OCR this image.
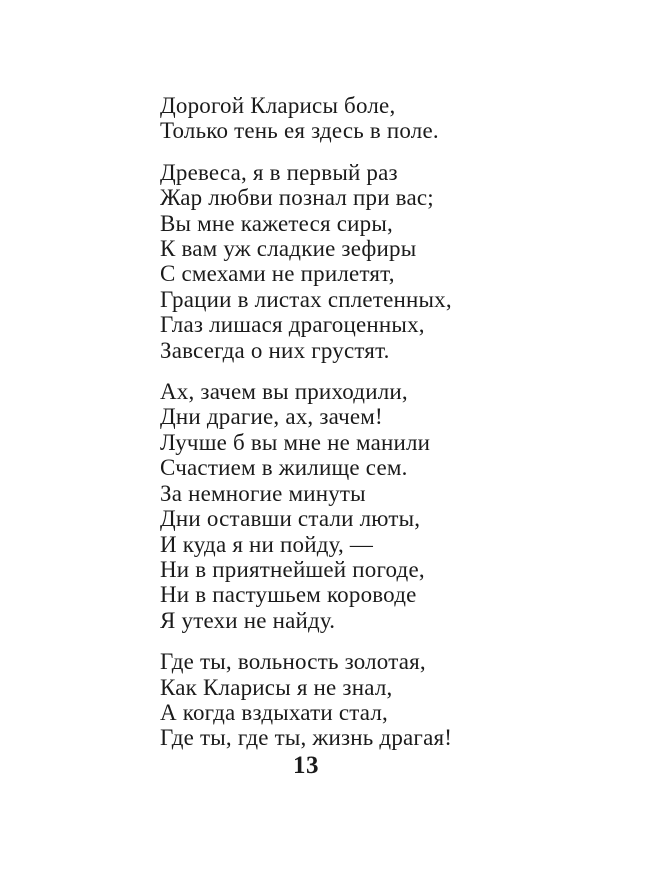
Дорогой Кларисы боле,
Только тень ея здесь в поле.
Древеса, я в первый раз
Жар любви познал при вас;
Вы мне кажетеся сиры,
К вам уж сладкие зефиры
С смехами не прилетят,
Грации в листах сплетенных,
Глаз лишася драгоценных,
Завсегда о них грустят.
Ах, зачем вы приходили,
Дни драгие, ах, зачем!
Лучше б вы мне не манили
Счастием в жилище сем.
За немногие минуты
Дни оставши стали люты,
И куда я ни пойду, —
Ни в приятнейшей погоде,
Ни в пастушьем короводе
Я утехи не найду.
Где ты, вольность золотая,
Как Кларисы я не знал,
А когда вздыхати стал,
Где ты, где ты, жизнь драгая!
13
